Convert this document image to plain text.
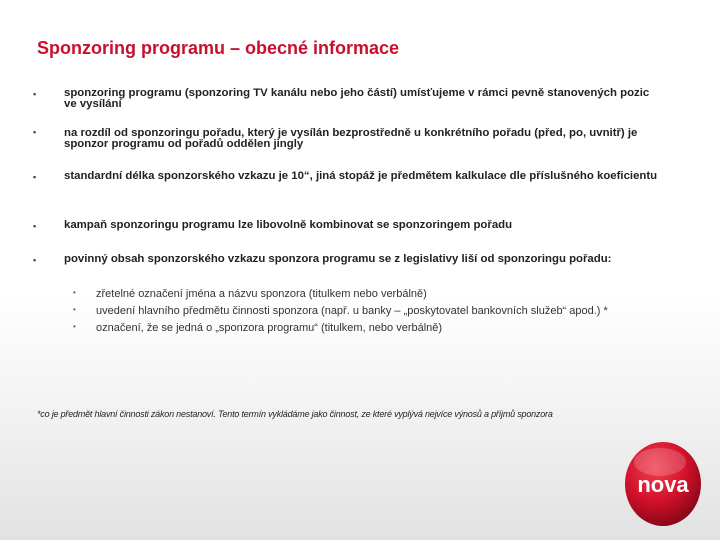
Sponzoring programu – obecné informace
• sponzoring programu (sponzoring TV kanálu nebo jeho částí) umísťujeme v rámci pevně stanovených pozic ve vysílání
• na rozdíl od sponzoringu pořadu, který je vysílán bezprostředně u konkrétního pořadu (před, po, uvnitř) je sponzor programu od pořadů oddělen jingly
• standardní délka sponzorského vzkazu je 10“, jiná stopáž je předmětem kalkulace dle příslušného koeficientu
• kampaň sponzoringu programu lze libovolně kombinovat se sponzoringem pořadu
• povinný obsah sponzorského vzkazu sponzora programu se z legislativy liší od sponzoringu pořadu:
• zřetelné označení jména a názvu sponzora (titulkem nebo verbálně)
• uvedení hlavního předmětu činnosti sponzora (např. u banky – „poskytovatel bankovních služeb“ apod.) *
• označení, že se jedná o „sponzora programu“ (titulkem, nebo verbálně)
*co je předmět hlavní činnosti zákon nestanoví. Tento termín vykládáme jako činnost, ze které vyplývá nejvíce výnosů a příjmů sponzora
nova
